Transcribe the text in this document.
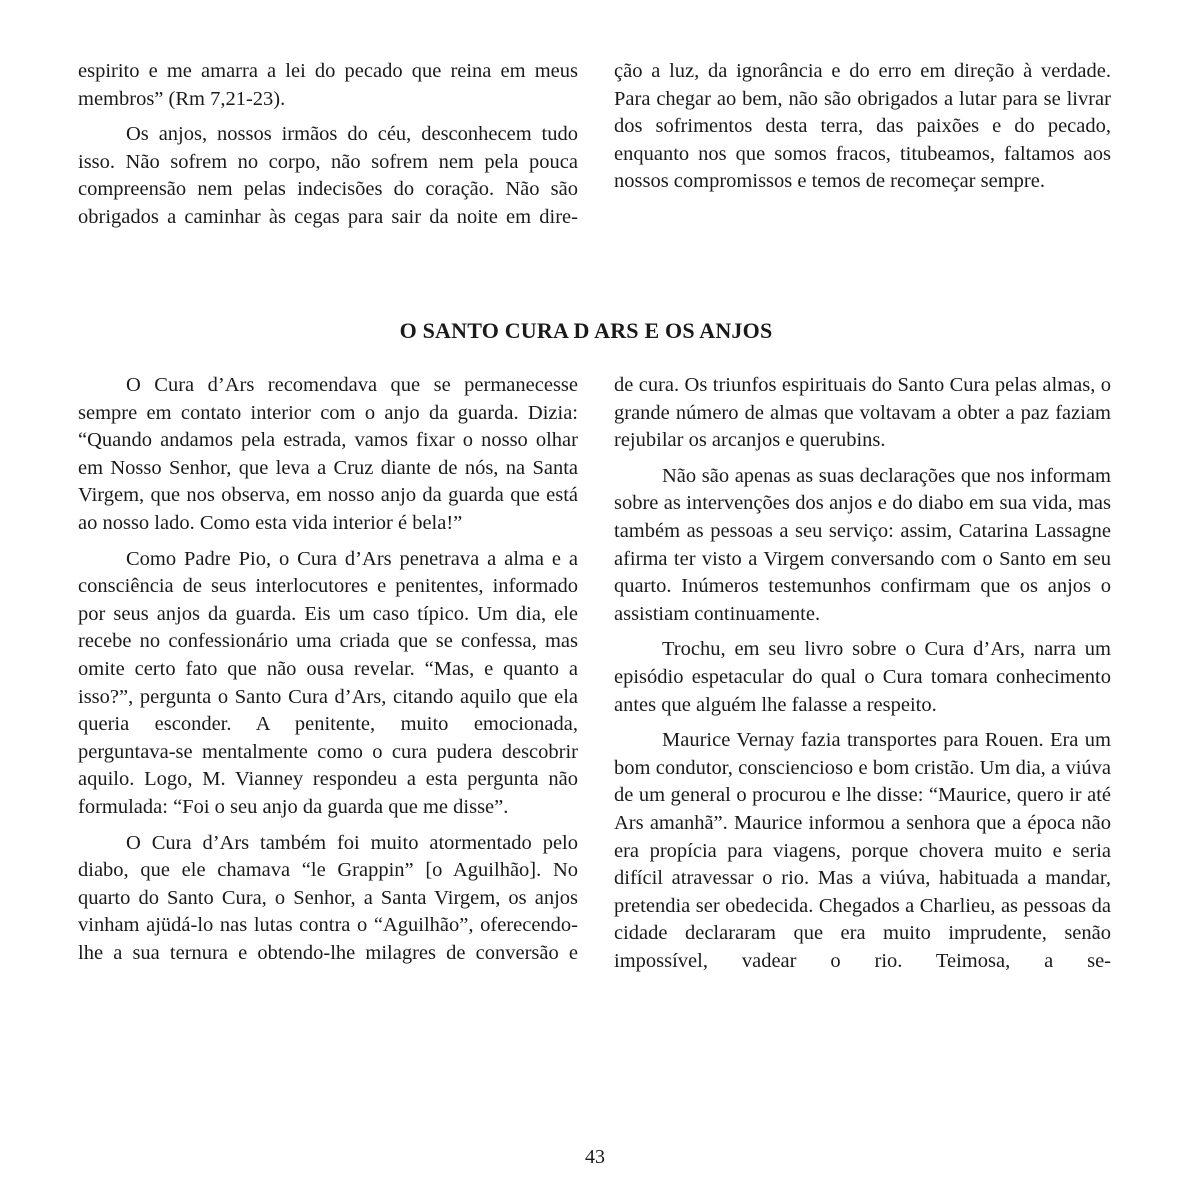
espirito e me amarra a lei do pecado que reina em meus membros” (Rm 7,21-23).

Os anjos, nossos irmãos do céu, desconhecem tudo isso. Não sofrem no corpo, não sofrem nem pela pouca compreensão nem pelas indecisões do coração. Não são obrigados a caminhar às cegas para sair da noite em dire-

ção a luz, da ignorância e do erro em direção à verdade. Para chegar ao bem, não são obrigados a lutar para se livrar dos sofrimentos desta terra, das paixões e do pecado, enquanto nos que somos fracos, titubeamos, faltamos aos nossos compromissos e temos de recomeçar sempre.

O SANTO CURA D ARS E OS ANJOS

O Cura d’Ars recomendava que se permanecesse sempre em contato interior com o anjo da guarda. Dizia: “Quando andamos pela estrada, vamos fixar o nosso olhar em Nosso Senhor, que leva a Cruz diante de nós, na Santa Virgem, que nos observa, em nosso anjo da guarda que está ao nosso lado. Como esta vida interior é bela!”

Como Padre Pio, o Cura d’Ars penetrava a alma e a consciência de seus interlocutores e penitentes, informado por seus anjos da guarda. Eis um caso típico. Um dia, ele recebe no confessionário uma criada que se confessa, mas omite certo fato que não ousa revelar. “Mas, e quanto a isso?”, pergunta o Santo Cura d’Ars, citando aquilo que ela queria esconder. A penitente, muito emocionada, perguntava-se mentalmente como o cura pudera descobrir aquilo. Logo, M. Vianney respondeu a esta pergunta não formulada: “Foi o seu anjo da guarda que me disse”.

O Cura d’Ars também foi muito atormentado pelo diabo, que ele chamava “le Grappin” [o Aguilhão]. No quarto do Santo Cura, o Senhor, a Santa Virgem, os anjos vinham ajüdá-lo nas lutas contra o “Aguilhão”, oferecendo-lhe a sua ternura e obtendo-lhe milagres de conversão e

de cura. Os triunfos espirituais do Santo Cura pelas almas, o grande número de almas que voltavam a obter a paz faziam rejubilar os arcanjos e querubins.

Não são apenas as suas declarações que nos informam sobre as intervenções dos anjos e do diabo em sua vida, mas também as pessoas a seu serviço: assim, Catarina Lassagne afirma ter visto a Virgem conversando com o Santo em seu quarto. Inúmeros testemunhos confirmam que os anjos o assistiam continuamente.

Trochu, em seu livro sobre o Cura d’Ars, narra um episódio espetacular do qual o Cura tomara conhecimento antes que alguém lhe falasse a respeito.

Maurice Vernay fazia transportes para Rouen. Era um bom condutor, consciencioso e bom cristão. Um dia, a viúva de um general o procurou e lhe disse: “Maurice, quero ir até Ars amanhã”. Maurice informou a senhora que a época não era propícia para viagens, porque chovera muito e seria difícil atravessar o rio. Mas a viúva, habituada a mandar, pretendia ser obedecida. Chegados a Charlieu, as pessoas da cidade declararam que era muito imprudente, senão impossível, vadear o rio. Teimosa, a se-

43
